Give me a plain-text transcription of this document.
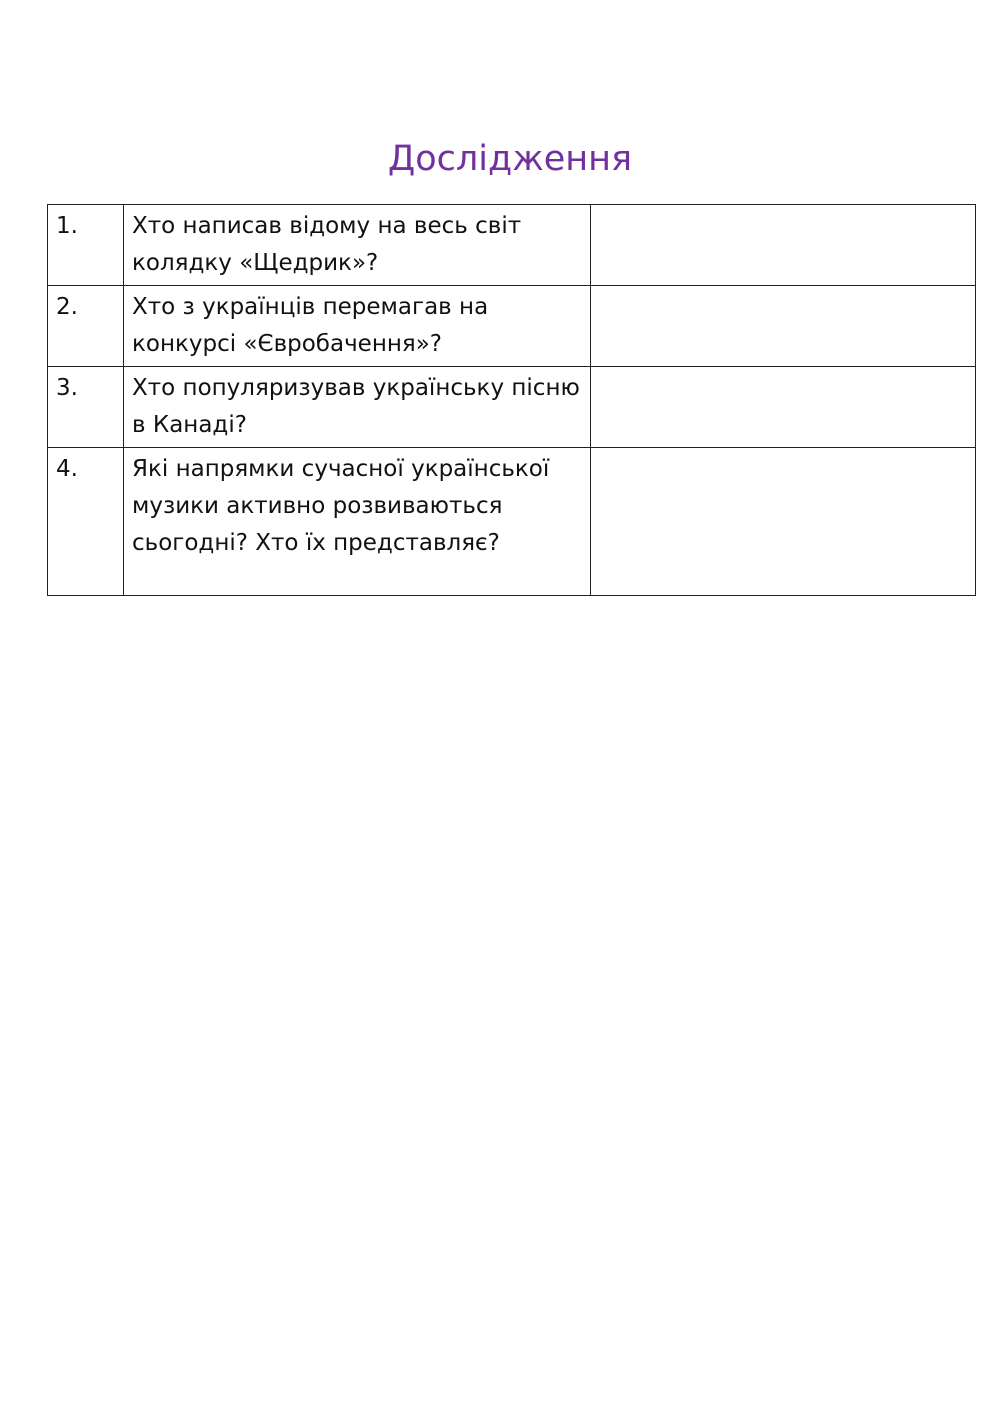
Дослідження
1.	Хто написав відому на весь світ колядку «Щедрик»?	
2.	Хто з українців перемагав на конкурсі «Євробачення»?	
3.	Хто популяризував українську пісню в Канаді?	
4.	Які напрямки сучасної української музики активно розвиваються сьогодні? Хто їх представляє?	
